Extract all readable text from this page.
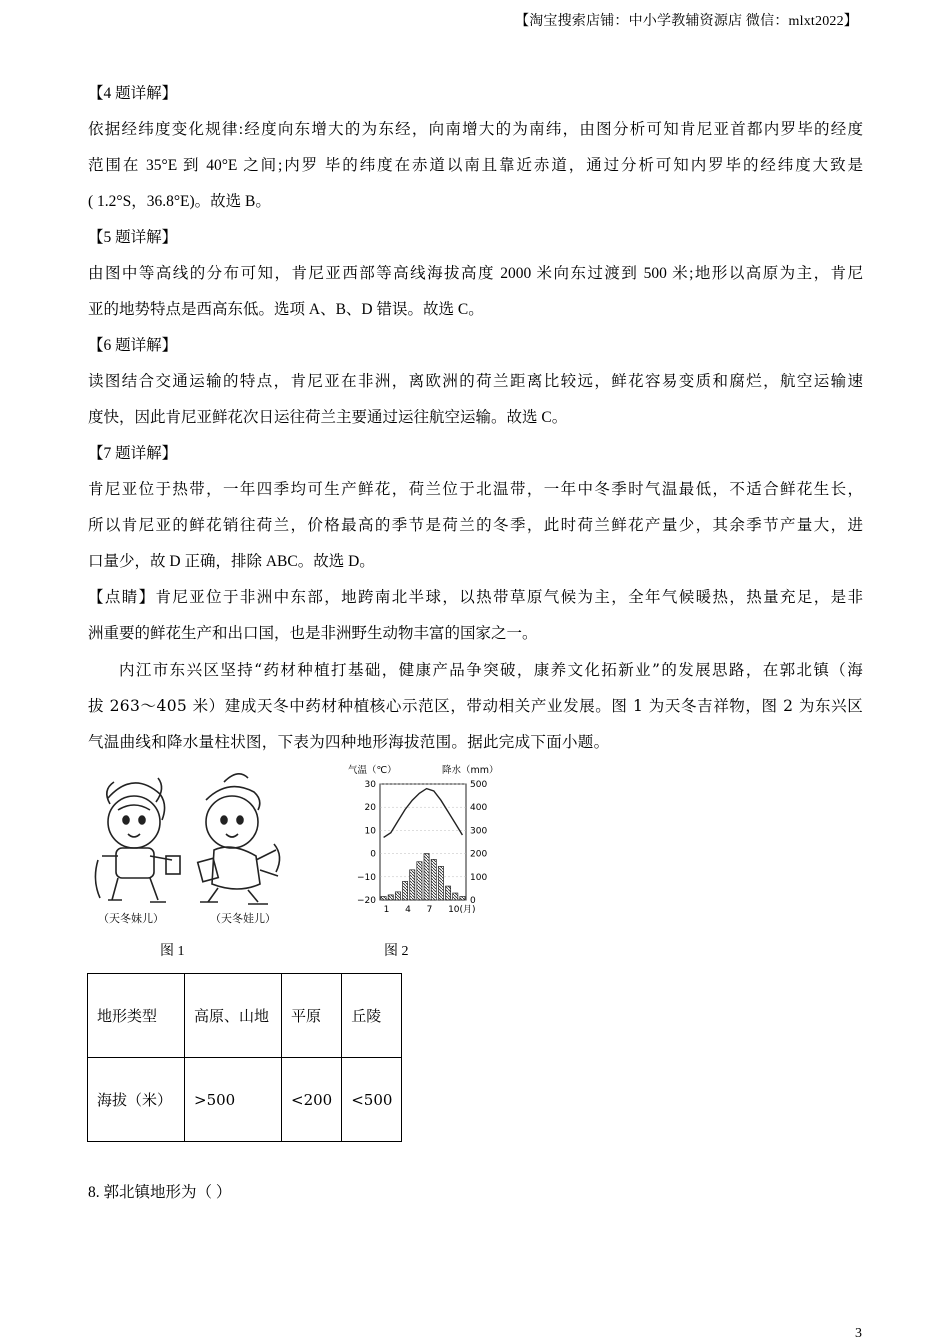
【淘宝搜索店铺：中小学教辅资源店 微信：mlxt2022】
【4 题详解】
依据经纬度变化规律:经度向东增大的为东经，向南增大的为南纬，由图分析可知肯尼亚首都内罗毕的经度
范围在 35°E 到 40°E 之间;内罗 毕的纬度在赤道以南且靠近赤道，通过分析可知内罗毕的经纬度大致是
( 1.2°S，36.8°E)。故选 B。
【5 题详解】
由图中等高线的分布可知，肯尼亚西部等高线海拔高度 2000 米向东过渡到 500 米;地形以高原为主，肯尼
亚的地势特点是西高东低。选项 A、B、D 错误。故选 C。
【6 题详解】
读图结合交通运输的特点，肯尼亚在非洲，离欧洲的荷兰距离比较远，鲜花容易变质和腐烂，航空运输速
度快，因此肯尼亚鲜花次日运往荷兰主要通过运往航空运输。故选 C。
【7 题详解】
肯尼亚位于热带，一年四季均可生产鲜花，荷兰位于北温带，一年中冬季时气温最低，不适合鲜花生长，
所以肯尼亚的鲜花销往荷兰，价格最高的季节是荷兰的冬季，此时荷兰鲜花产量少，其余季节产量大，进
口量少，故 D 正确，排除 ABC。故选 D。
【点睛】肯尼亚位于非洲中东部，地跨南北半球，以热带草原气候为主，全年气候暖热，热量充足，是非
洲重要的鲜花生产和出口国，也是非洲野生动物丰富的国家之一。
内江市东兴区坚持“药材种植打基础，健康产品争突破，康养文化拓新业”的发展思路，在郭北镇（海
拔 263～405 米）建成天冬中药材种植核心示范区，带动相关产业发展。图 1 为天冬吉祥物，图 2 为东兴区
气温曲线和降水量柱状图，下表为四种地形海拔范围。据此完成下面小题。
（天冬妹儿）	（天冬娃儿）
气温（℃）	降水（mm）
30	500
20	400
10	300
0	200
−10	100
−20	0
1 4 7 10(月)
图 1	图 2
地形类型	高原、山地	平原	丘陵
海拔（米）	>500	<200	<500
8. 郭北镇地形为（ ）
3
